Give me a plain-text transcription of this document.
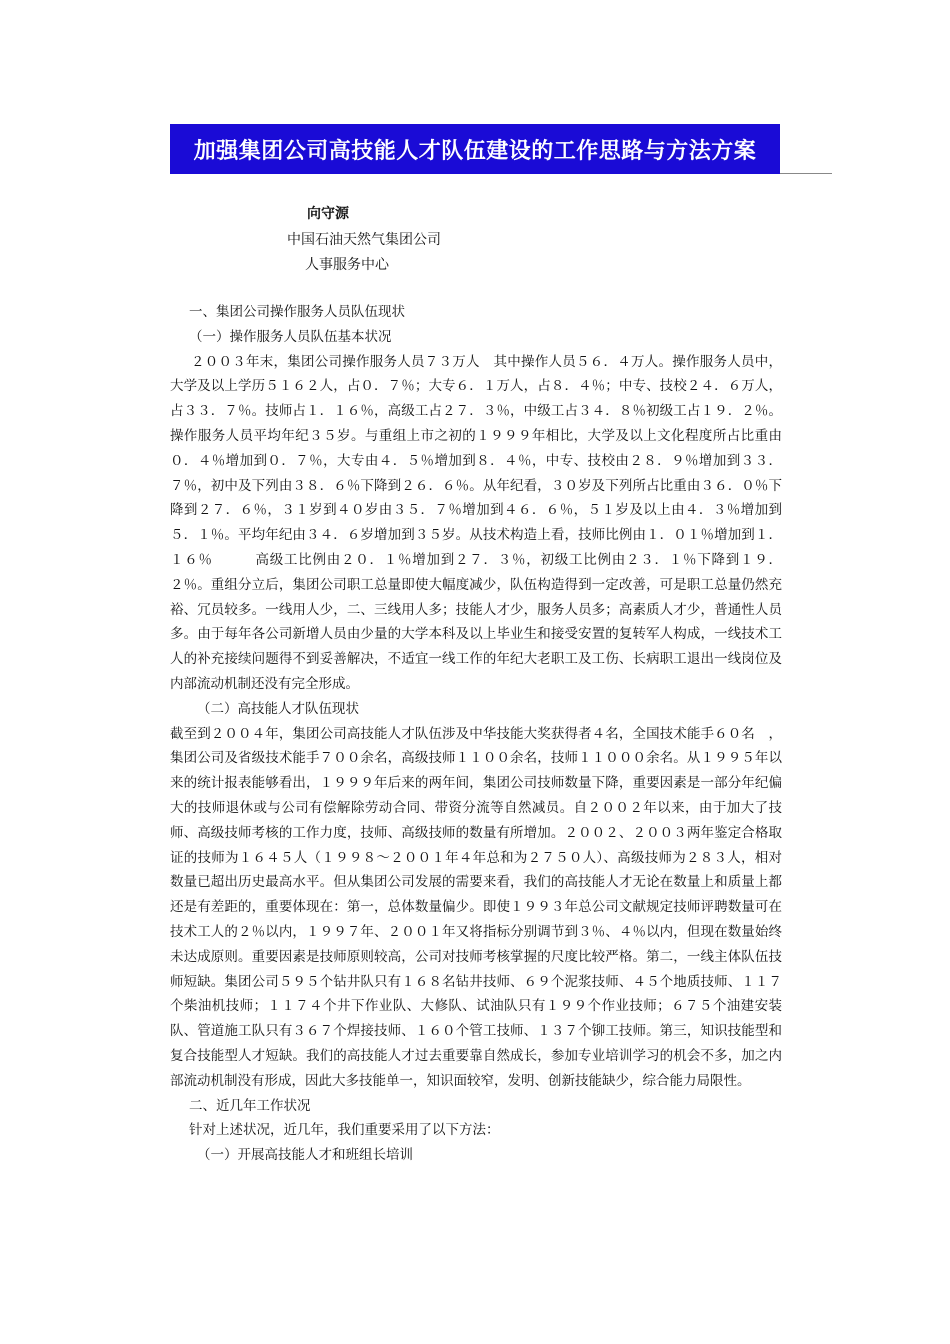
加强集团公司高技能人才队伍建设的工作思路与方法方案
向守源
中国石油天然气集团公司
人事服务中心

一、集团公司操作服务人员队伍现状

（一）操作服务人员队伍基本状况

２００３年末，集团公司操作服务人员７３万人　其中操作人员５６．４万人。操作服务人员中，大学及以上学历５１６２人，占０．７％；大专６．１万人，占８．４％；中专、技校２４．６万人，占３３．７％。技师占１．１６％，高级工占２７．３％，中级工占３４．８％初级工占１９．２％。操作服务人员平均年纪３５岁。与重组上市之初的１９９９年相比，大学及以上文化程度所占比重由０．４％增加到０．７％，大专由４．５％增加到８．４％，中专、技校由２８．９％增加到３３．７％，初中及下列由３８．６％下降到２６．６％。从年纪看，３０岁及下列所占比重由３６．０％下降到２７．６％，３１岁到４０岁由３５．７％增加到４６．６％，５１岁及以上由４．３％增加到５．１％。平均年纪由３４．６岁增加到３５岁。从技术构造上看，技师比例由１．０１％增加到１．１６％　　　高级工比例由２０．１％增加到２７．３％，初级工比例由２３．１％下降到１９．２％。重组分立后，集团公司职工总量即使大幅度减少，队伍构造得到一定改善，可是职工总量仍然充裕、冗员较多。一线用人少，二、三线用人多；技能人才少，服务人员多；高素质人才少，普通性人员多。由于每年各公司新增人员由少量的大学本科及以上毕业生和接受安置的复转军人构成，一线技术工人的补充接续问题得不到妥善解决，不适宜一线工作的年纪大老职工及工伤、长病职工退出一线岗位及内部流动机制还没有完全形成。

（二）高技能人才队伍现状

截至到２００４年，集团公司高技能人才队伍涉及中华技能大奖获得者４名，全国技术能手６０名　，集团公司及省级技术能手７００余名，高级技师１１００余名，技师１１０００余名。从１９９５年以来的统计报表能够看出，１９９９年后来的两年间，集团公司技师数量下降，重要因素是一部分年纪偏大的技师退休或与公司有偿解除劳动合同、带资分流等自然减员。自２００２年以来，由于加大了技师、高级技师考核的工作力度，技师、高级技师的数量有所增加。２００２、２００３两年鉴定合格取证的技师为１６４５人（１９９８～２００１年４年总和为２７５０人）、高级技师为２８３人，相对数量已超出历史最高水平。但从集团公司发展的需要来看，我们的高技能人才无论在数量上和质量上都还是有差距的，重要体现在：第一，总体数量偏少。即使１９９３年总公司文献规定技师评聘数量可在技术工人的２％以内，１９９７年、２００１年又将指标分别调节到３％、４％以内，但现在数量始终未达成原则。重要因素是技师原则较高，公司对技师考核掌握的尺度比较严格。第二，一线主体队伍技师短缺。集团公司５９５个钻井队只有１６８名钻井技师、６９个泥浆技师、４５个地质技师、１１７个柴油机技师；１１７４个井下作业队、大修队、试油队只有１９９个作业技师；６７５个油建安装队、管道施工队只有３６７个焊接技师、１６０个管工技师、１３７个铆工技师。第三，知识技能型和复合技能型人才短缺。我们的高技能人才过去重要靠自然成长，参加专业培训学习的机会不多，加之内部流动机制没有形成，因此大多技能单一，知识面较窄，发明、创新技能缺少，综合能力局限性。

二、近几年工作状况

针对上述状况，近几年，我们重要采用了以下方法：

（一）开展高技能人才和班组长培训
